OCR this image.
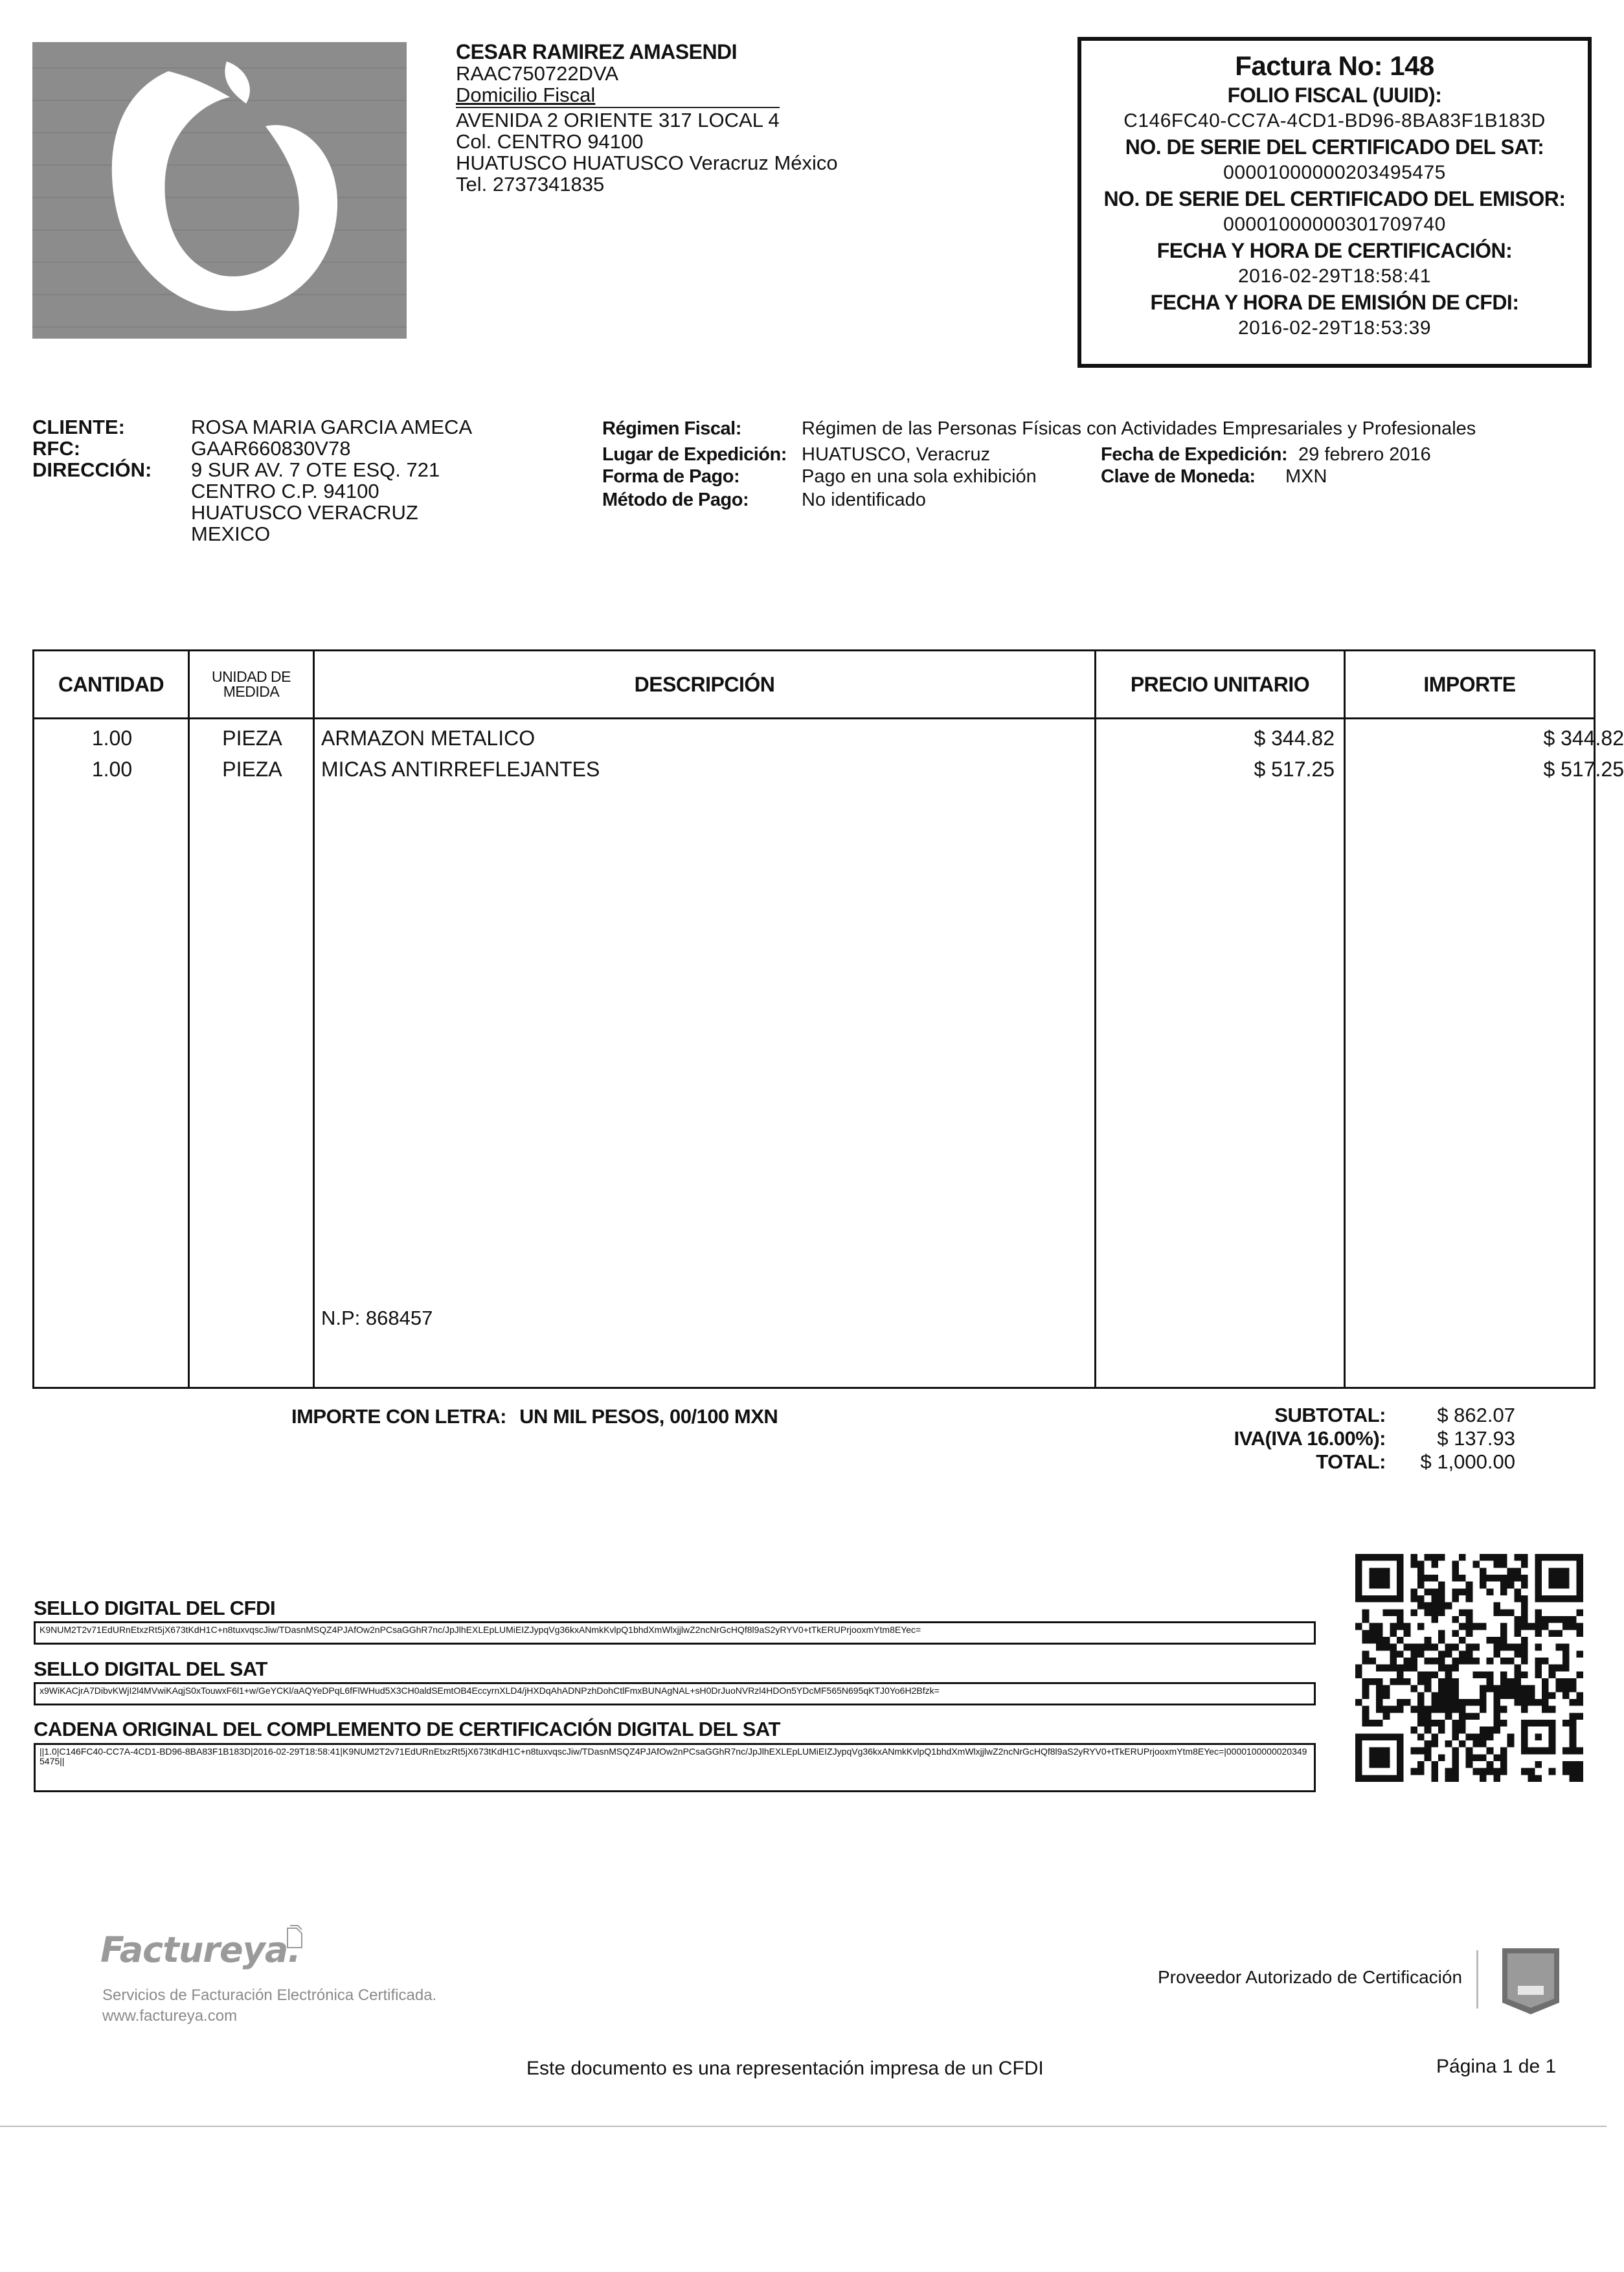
CESAR RAMIREZ AMASENDI
RAAC750722DVA
Domicilio Fiscal
AVENIDA 2 ORIENTE 317 LOCAL 4
Col. CENTRO 94100
HUATUSCO HUATUSCO Veracruz México
Tel. 2737341835
Factura No: 148
FOLIO FISCAL (UUID):
C146FC40-CC7A-4CD1-BD96-8BA83F1B183D
NO. DE SERIE DEL CERTIFICADO DEL SAT:
00001000000203495475
NO. DE SERIE DEL CERTIFICADO DEL EMISOR:
00001000000301709740
FECHA Y HORA DE CERTIFICACIÓN:
2016-02-29T18:58:41
FECHA Y HORA DE EMISIÓN DE CFDI:
2016-02-29T18:53:39
CLIENTE:	ROSA MARIA GARCIA AMECA
RFC:	GAAR660830V78
DIRECCIÓN:	9 SUR AV. 7 OTE ESQ. 721
CENTRO C.P. 94100
HUATUSCO VERACRUZ
MEXICO
Régimen Fiscal:	Régimen de las Personas Físicas con Actividades Empresariales y Profesionales
Lugar de Expedición: HUATUSCO, Veracruz	Fecha de Expedición: 29 febrero 2016
Forma de Pago:	Pago en una sola exhibición	Clave de Moneda: MXN
Método de Pago:	No identificado
CANTIDAD	UNIDAD DE MEDIDA	DESCRIPCIÓN	PRECIO UNITARIO	IMPORTE
1.00	PIEZA	ARMAZON METALICO	$ 344.82	$ 344.82
1.00	PIEZA	MICAS ANTIRREFLEJANTES	$ 517.25	$ 517.25
N.P: 868457
IMPORTE CON LETRA: UN MIL PESOS, 00/100 MXN	SUBTOTAL:	$ 862.07
IVA(IVA 16.00%):	$ 137.93
TOTAL:	$ 1,000.00
SELLO DIGITAL DEL CFDI
K9NUM2T2v71EdURnEtxzRt5jX673tKdH1C+n8tuxvqscJiw/TDasnMSQZ4PJAfOw2nPCsaGGhR7nc/JpJlhEXLEpLUMiEIZJypqVg36kxANmkKvlpQ1bhdXmWlxjjlwZ2ncNrGcHQf8l9aS2yRYV0+tTkERUPrjooxmYtm8EYec=
SELLO DIGITAL DEL SAT
x9WiKACjrA7DibvKWjI2l4MVwiKAqjS0xTouwxF6l1+w/GeYCKl/aAQYeDPqL6fFlWHud5X3CH0aldSEmtOB4EccyrnXLD4/jHXDqAhADNPzhDohCtlFmxBUNAgNAL+sH0DrJuoNVRzl4HDOn5YDcMF565N695qKTJ0Yo6H2Bfzk=
CADENA ORIGINAL DEL COMPLEMENTO DE CERTIFICACIÓN DIGITAL DEL SAT
||1.0|C146FC40-CC7A-4CD1-BD96-8BA83F1B183D|2016-02-29T18:58:41|K9NUM2T2v71EdURnEtxzRt5jX673tKdH1C+n8tuxvqscJiw/TDasnMSQZ4PJAfOw2nPCsaGGhR7nc/JpJlhEXLEpLUMiEIZJypqVg36kxANmkKvlpQ1bhdXmWlxjjlwZ2ncNrGcHQf8l9aS2yRYV0+tTkERUPrjooxmYtm8EYec=|00001000000203495475||
Factureya.
Servicios de Facturación Electrónica Certificada.
www.factureya.com
Proveedor Autorizado de Certificación
Este documento es una representación impresa de un CFDI	Página 1 de 1
